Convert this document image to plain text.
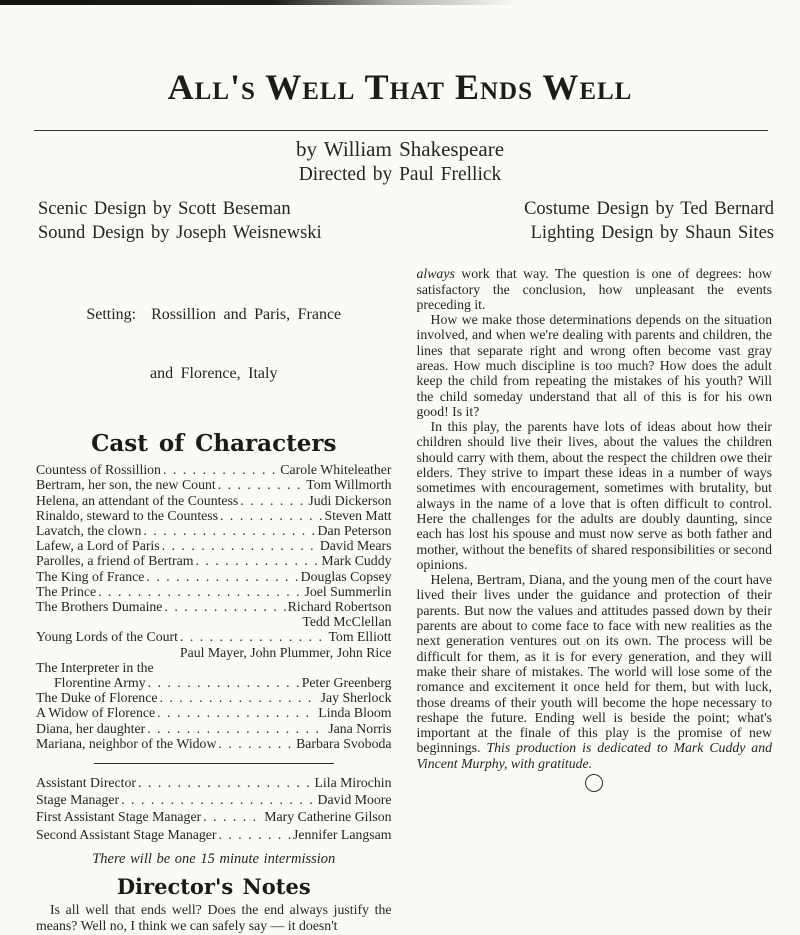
All's Well That Ends Well
by William Shakespeare
Directed by Paul Frellick
Scenic Design by Scott Beseman
Sound Design by Joseph Weisnewski
Costume Design by Ted Bernard
Lighting Design by Shaun Sites

Setting:  Rossillion and Paris, France

and Florence, Italy

Cast of Characters
Countess of Rossillion . . .	Carole Whiteleather
Bertram, her son, the new Count . . .	Tom Willmorth
Helena, an attendant of the Countess . . .	Judi Dickerson
Rinaldo, steward to the Countess . . .	Steven Matt
Lavatch, the clown . . .	Dan Peterson
Lafew, a Lord of Paris . . .	David Mears
Parolles, a friend of Bertram . . .	Mark Cuddy
The King of France . . .	Douglas Copsey
The Prince . . .	Joel Summerlin
The Brothers Dumaine . . .	Richard Robertson
Tedd McClellan
Young Lords of the Court . . .	Tom Elliott
Paul Mayer, John Plummer, John Rice
The Interpreter in the
Florentine Army . . .	Peter Greenberg
The Duke of Florence . . .	Jay Sherlock
A Widow of Florence . . .	Linda Bloom
Diana, her daughter . . .	Jana Norris
Mariana, neighbor of the Widow . . .	Barbara Svoboda
Assistant Director . . .	Lila Mirochin
Stage Manager . . .	David Moore
First Assistant Stage Manager . . .	Mary Catherine Gilson
Second Assistant Stage Manager . . .	Jennifer Langsam
There will be one 15 minute intermission
Director's Notes

Is all well that ends well? Does the end always justify the means? Well no, I think we can safely say — it doesn't

always work that way. The question is one of degrees: how satisfactory the conclusion, how unpleasant the events preceding it.

How we make those determinations depends on the situation involved, and when we're dealing with parents and children, the lines that separate right and wrong often become vast gray areas. How much discipline is too much? How does the adult keep the child from repeating the mistakes of his youth? Will the child someday understand that all of this is for his own good! Is it?

In this play, the parents have lots of ideas about how their children should live their lives, about the values the children should carry with them, about the respect the children owe their elders. They strive to impart these ideas in a number of ways sometimes with encouragement, sometimes with brutality, but always in the name of a love that is often difficult to control. Here the challenges for the adults are doubly daunting, since each has lost his spouse and must now serve as both father and mother, without the benefits of shared responsibilities or second opinions.

Helena, Bertram, Diana, and the young men of the court have lived their lives under the guidance and protection of their parents. But now the values and attitudes passed down by their parents are about to come face to face with new realities as the next generation ventures out on its own. The process will be difficult for them, as it is for every generation, and they will make their share of mistakes. The world will lose some of the romance and excitement it once held for them, but with luck, those dreams of their youth will become the hope necessary to reshape the future. Ending well is beside the point; what's important at the finale of this play is the promise of new beginnings. This production is dedicated to Mark Cuddy and Vincent Murphy, with gratitude.
